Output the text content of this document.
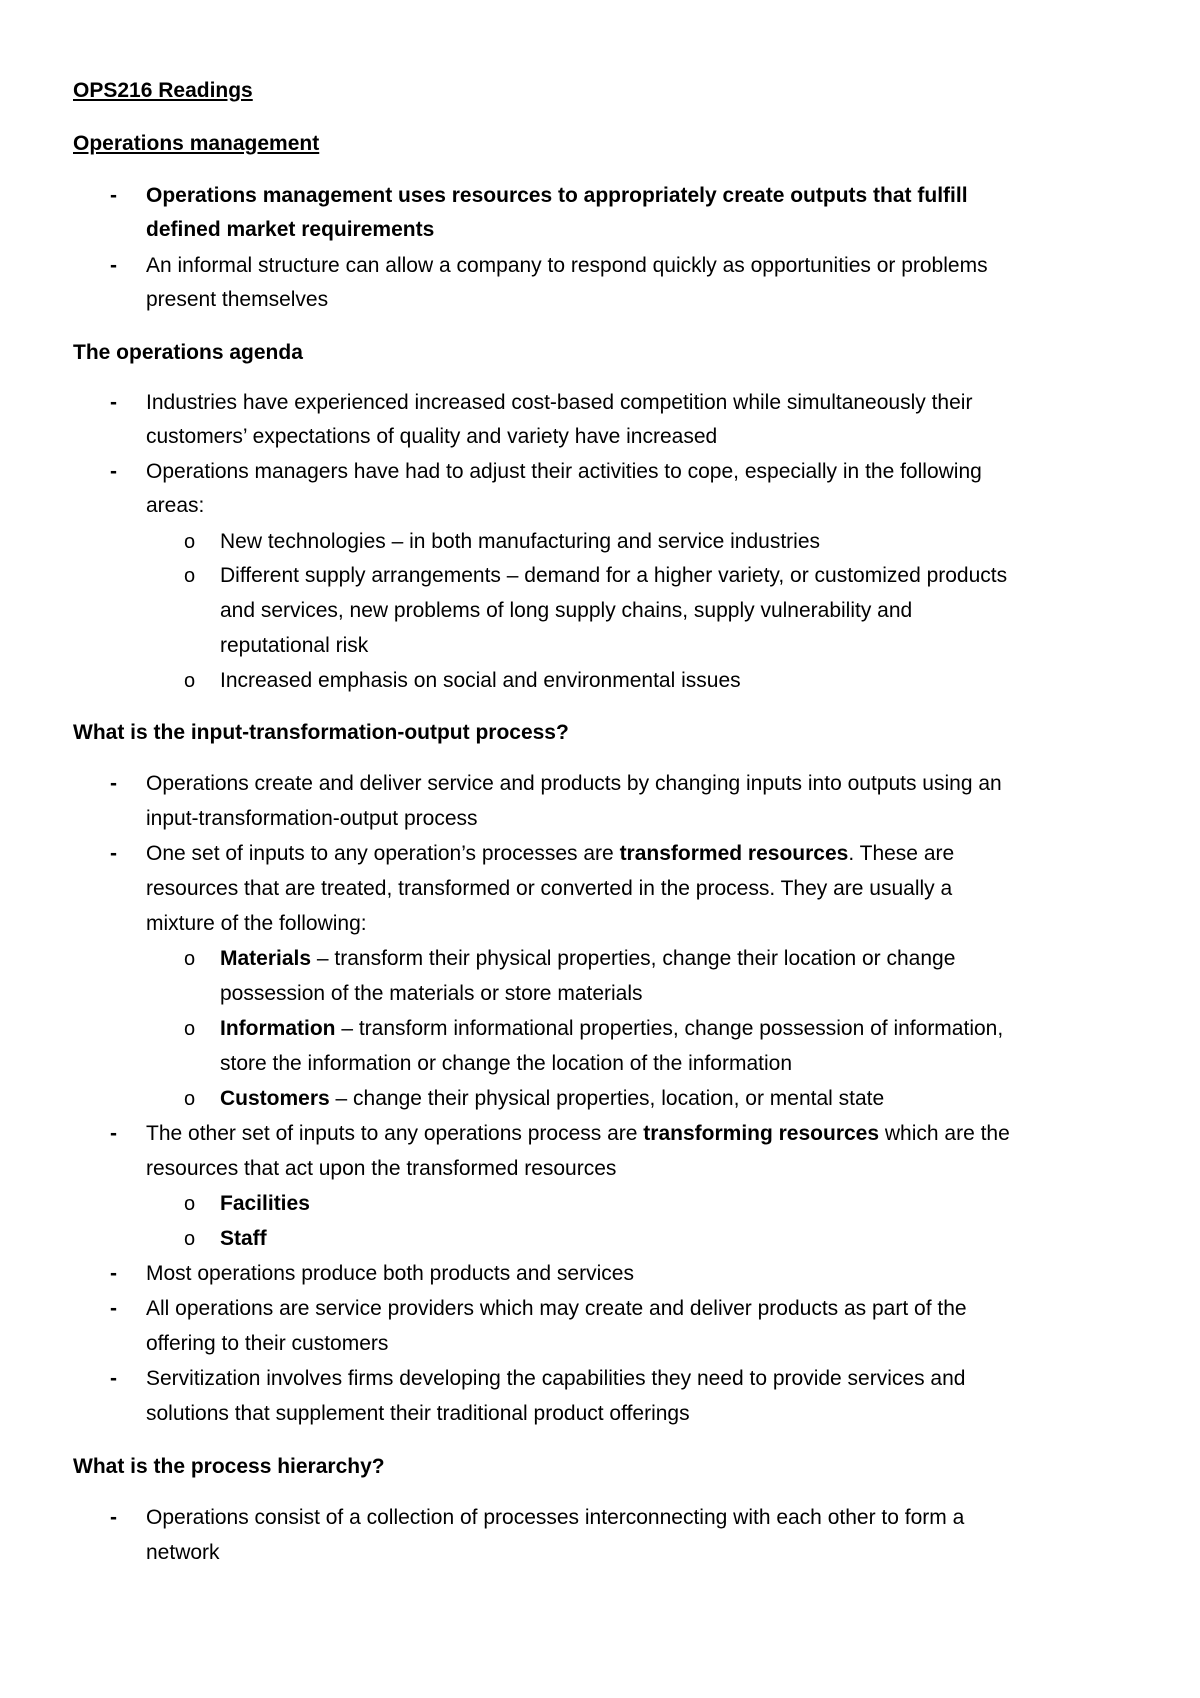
OPS216 Readings
Operations management
- Operations management uses resources to appropriately create outputs that fulfill
defined market requirements
- An informal structure can allow a company to respond quickly as opportunities or problems
present themselves
The operations agenda
- Industries have experienced increased cost-based competition while simultaneously their
customers’ expectations of quality and variety have increased
- Operations managers have had to adjust their activities to cope, especially in the following
areas:
o New technologies – in both manufacturing and service industries
o Different supply arrangements – demand for a higher variety, or customized products
and services, new problems of long supply chains, supply vulnerability and
reputational risk
o Increased emphasis on social and environmental issues
What is the input-transformation-output process?
- Operations create and deliver service and products by changing inputs into outputs using an
input-transformation-output process
- One set of inputs to any operation’s processes are transformed resources. These are
resources that are treated, transformed or converted in the process. They are usually a
mixture of the following:
o Materials – transform their physical properties, change their location or change
possession of the materials or store materials
o Information – transform informational properties, change possession of information,
store the information or change the location of the information
o Customers – change their physical properties, location, or mental state
- The other set of inputs to any operations process are transforming resources which are the
resources that act upon the transformed resources
o Facilities
o Staff
- Most operations produce both products and services
- All operations are service providers which may create and deliver products as part of the
offering to their customers
- Servitization involves firms developing the capabilities they need to provide services and
solutions that supplement their traditional product offerings
What is the process hierarchy?
- Operations consist of a collection of processes interconnecting with each other to form a
network
